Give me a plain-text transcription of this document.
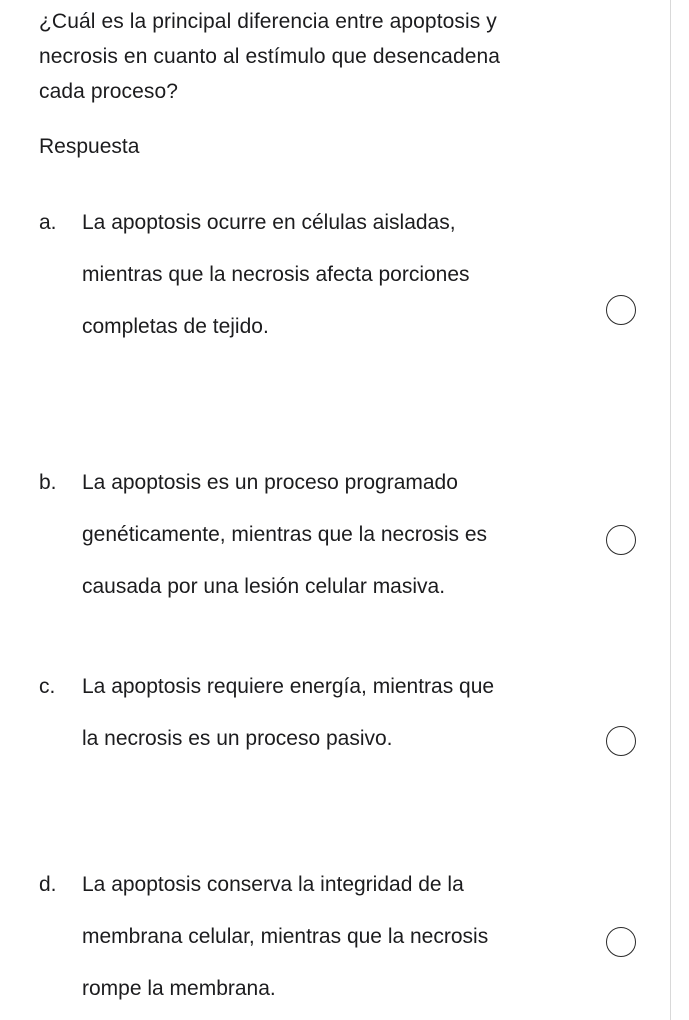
¿Cuál es la principal diferencia entre apoptosis y
necrosis en cuanto al estímulo que desencadena
cada proceso?
Respuesta
a. La apoptosis ocurre en células aisladas,
mientras que la necrosis afecta porciones
completas de tejido.
b. La apoptosis es un proceso programado
genéticamente, mientras que la necrosis es
causada por una lesión celular masiva.
c. La apoptosis requiere energía, mientras que
la necrosis es un proceso pasivo.
d. La apoptosis conserva la integridad de la
membrana celular, mientras que la necrosis
rompe la membrana.
